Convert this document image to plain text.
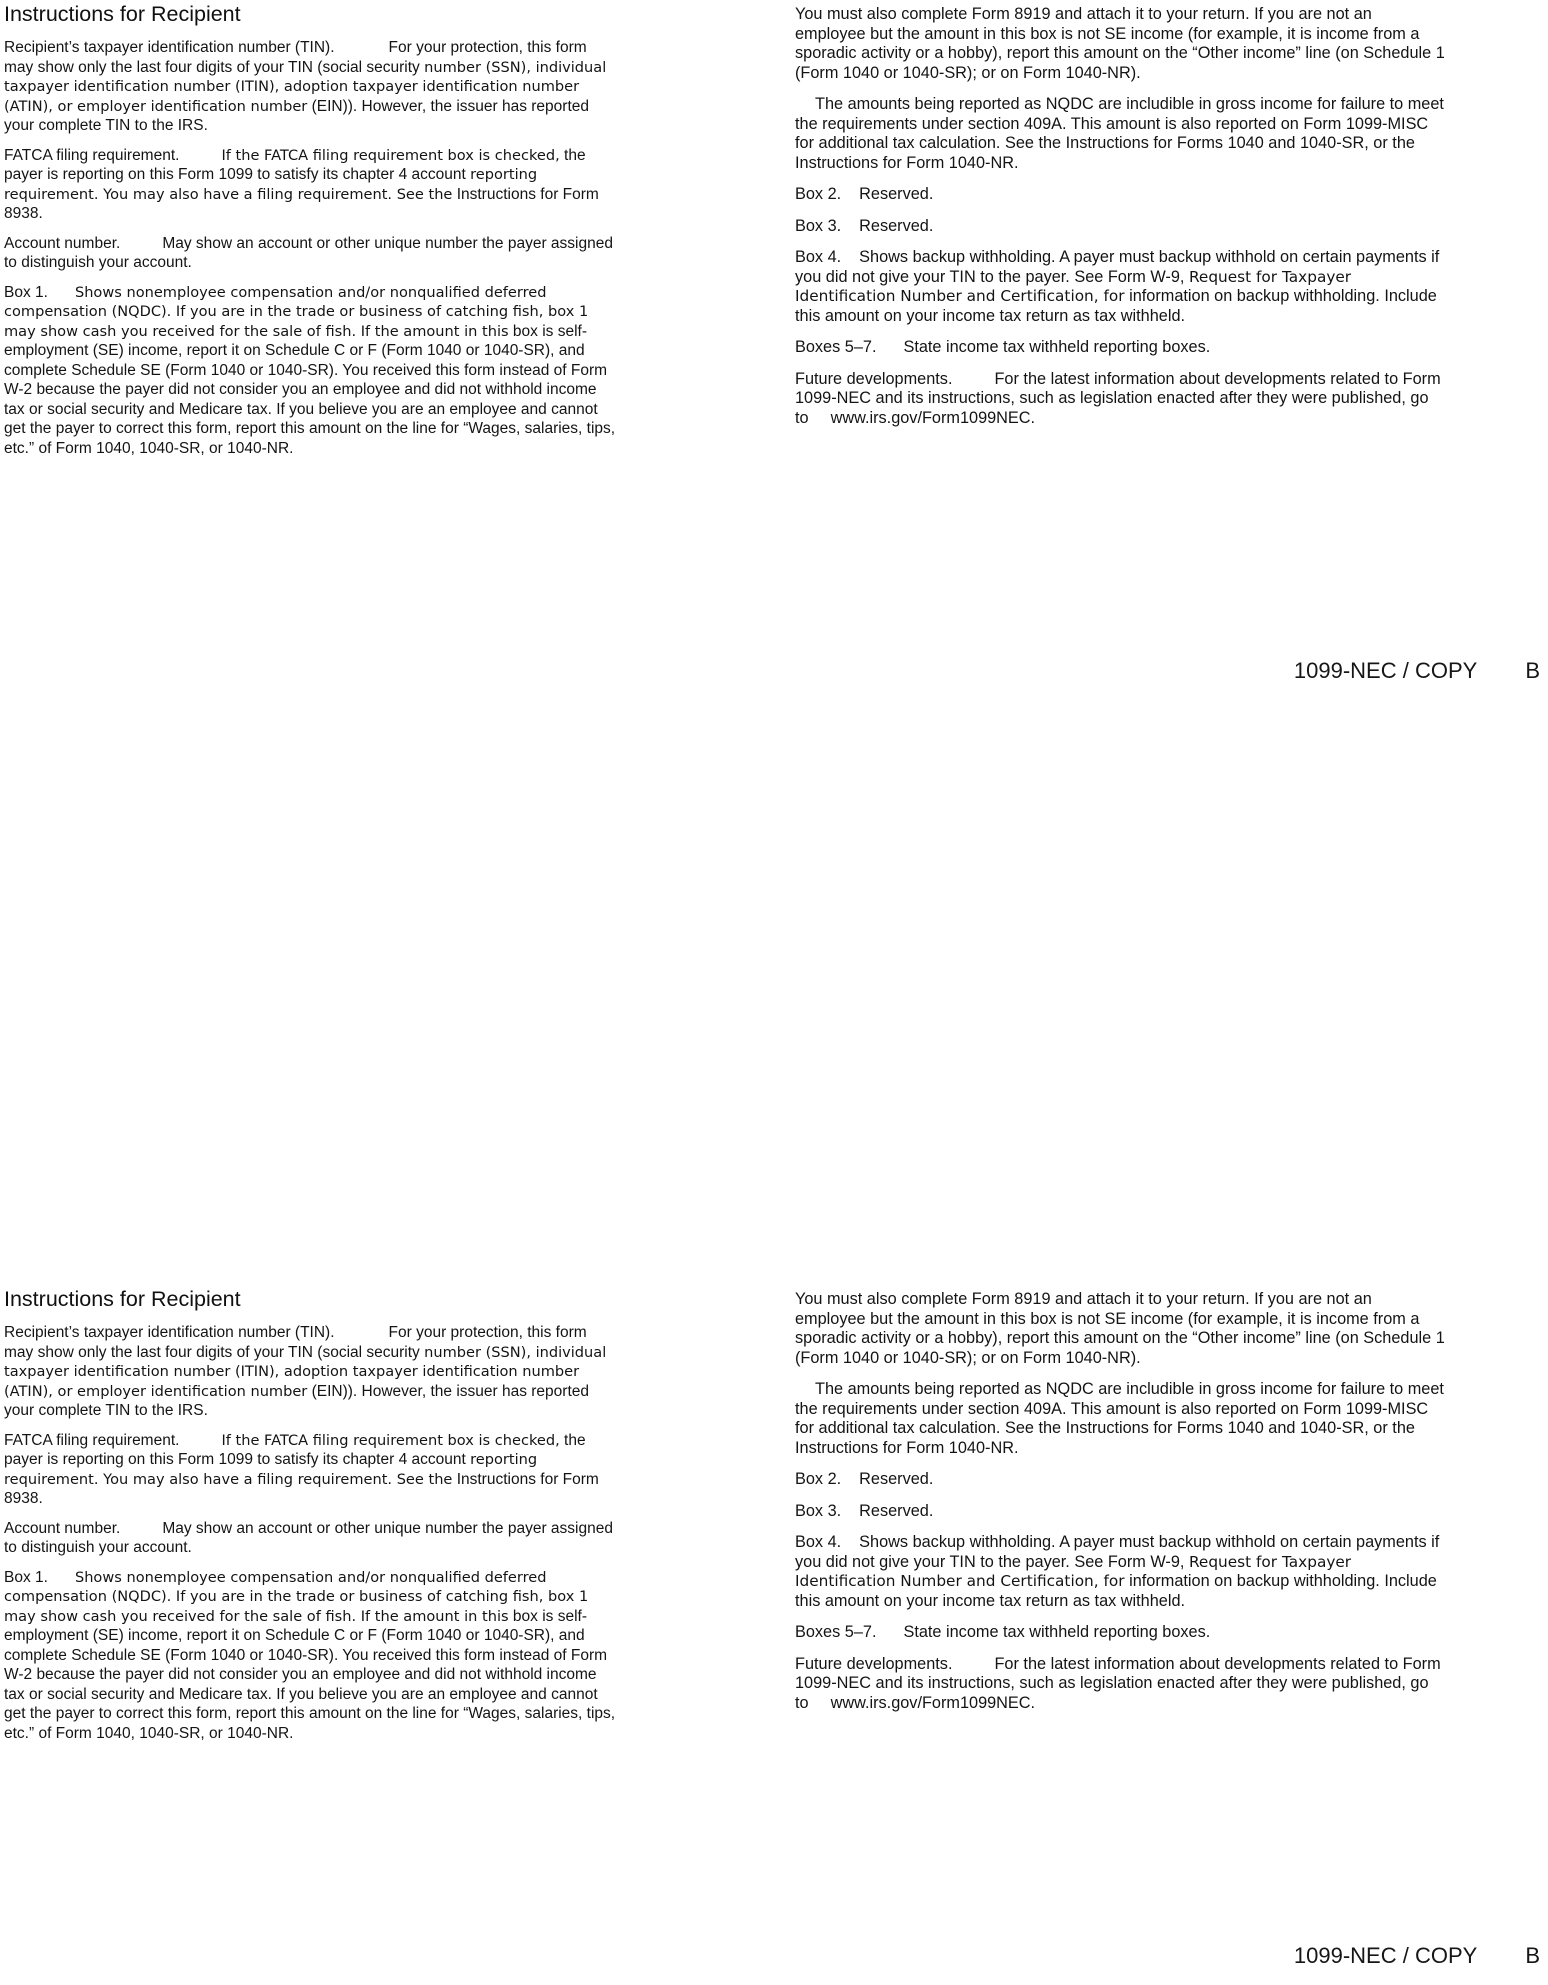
Instructions for Recipient

Recipient’s taxpayer identification number (TIN).	For your protection, this form may show only the last four digits of your TIN (social security number (SSN), individual taxpayer identification number (ITIN), adoption taxpayer identification number (ATIN), or employer identification number (EIN)). However, the issuer has reported your complete TIN to the IRS.

FATCA filing requirement.	If the FATCA filing requirement box is checked, the payer is reporting on this Form 1099 to satisfy its chapter 4 account reporting requirement. You may also have a filing requirement. See the Instructions for Form 8938.

Account number.	May show an account or other unique number the payer assigned to distinguish your account.

Box 1. Shows nonemployee compensation and/or nonqualified deferred compensation (NQDC). If you are in the trade or business of catching fish, box 1 may show cash you received for the sale of fish. If the amount in this box is self-employment (SE) income, report it on Schedule C or F (Form 1040 or 1040-SR), and complete Schedule SE (Form 1040 or 1040-SR). You received this form instead of Form W-2 because the payer did not consider you an employee and did not withhold income tax or social security and Medicare tax. If you believe you are an employee and cannot get the payer to correct this form, report this amount on the line for “Wages, salaries, tips, etc.” of Form 1040, 1040-SR, or 1040-NR.

You must also complete Form 8919 and attach it to your return. If you are not an employee but the amount in this box is not SE income (for example, it is income from a sporadic activity or a hobby), report this amount on the “Other income” line (on Schedule 1 (Form 1040 or 1040-SR); or on Form 1040-NR).

The amounts being reported as NQDC are includible in gross income for failure to meet the requirements under section 409A. This amount is also reported on Form 1099-MISC for additional tax calculation. See the Instructions for Forms 1040 and 1040-SR, or the Instructions for Form 1040-NR.

Box 2. Reserved.

Box 3. Reserved.

Box 4. Shows backup withholding. A payer must backup withhold on certain payments if you did not give your TIN to the payer. See Form W-9, Request for Taxpayer Identification Number and Certification, for information on backup withholding. Include this amount on your income tax return as tax withheld.

Boxes 5–7. State income tax withheld reporting boxes.

Future developments.	For the latest information about developments related to Form 1099-NEC and its instructions, such as legislation enacted after they were published, go to www.irs.gov/Form1099NEC.

1099-NEC / COPY B
Instructions for Recipient

Recipient’s taxpayer identification number (TIN).	For your protection, this form may show only the last four digits of your TIN (social security number (SSN), individual taxpayer identification number (ITIN), adoption taxpayer identification number (ATIN), or employer identification number (EIN)). However, the issuer has reported your complete TIN to the IRS.

FATCA filing requirement.	If the FATCA filing requirement box is checked, the payer is reporting on this Form 1099 to satisfy its chapter 4 account reporting requirement. You may also have a filing requirement. See the Instructions for Form 8938.

Account number.	May show an account or other unique number the payer assigned to distinguish your account.

Box 1. Shows nonemployee compensation and/or nonqualified deferred compensation (NQDC). If you are in the trade or business of catching fish, box 1 may show cash you received for the sale of fish. If the amount in this box is self-employment (SE) income, report it on Schedule C or F (Form 1040 or 1040-SR), and complete Schedule SE (Form 1040 or 1040-SR). You received this form instead of Form W-2 because the payer did not consider you an employee and did not withhold income tax or social security and Medicare tax. If you believe you are an employee and cannot get the payer to correct this form, report this amount on the line for “Wages, salaries, tips, etc.” of Form 1040, 1040-SR, or 1040-NR.

You must also complete Form 8919 and attach it to your return. If you are not an employee but the amount in this box is not SE income (for example, it is income from a sporadic activity or a hobby), report this amount on the “Other income” line (on Schedule 1 (Form 1040 or 1040-SR); or on Form 1040-NR).

The amounts being reported as NQDC are includible in gross income for failure to meet the requirements under section 409A. This amount is also reported on Form 1099-MISC for additional tax calculation. See the Instructions for Forms 1040 and 1040-SR, or the Instructions for Form 1040-NR.

Box 2. Reserved.

Box 3. Reserved.

Box 4. Shows backup withholding. A payer must backup withhold on certain payments if you did not give your TIN to the payer. See Form W-9, Request for Taxpayer Identification Number and Certification, for information on backup withholding. Include this amount on your income tax return as tax withheld.

Boxes 5–7. State income tax withheld reporting boxes.

Future developments.	For the latest information about developments related to Form 1099-NEC and its instructions, such as legislation enacted after they were published, go to www.irs.gov/Form1099NEC.

1099-NEC / COPY B
